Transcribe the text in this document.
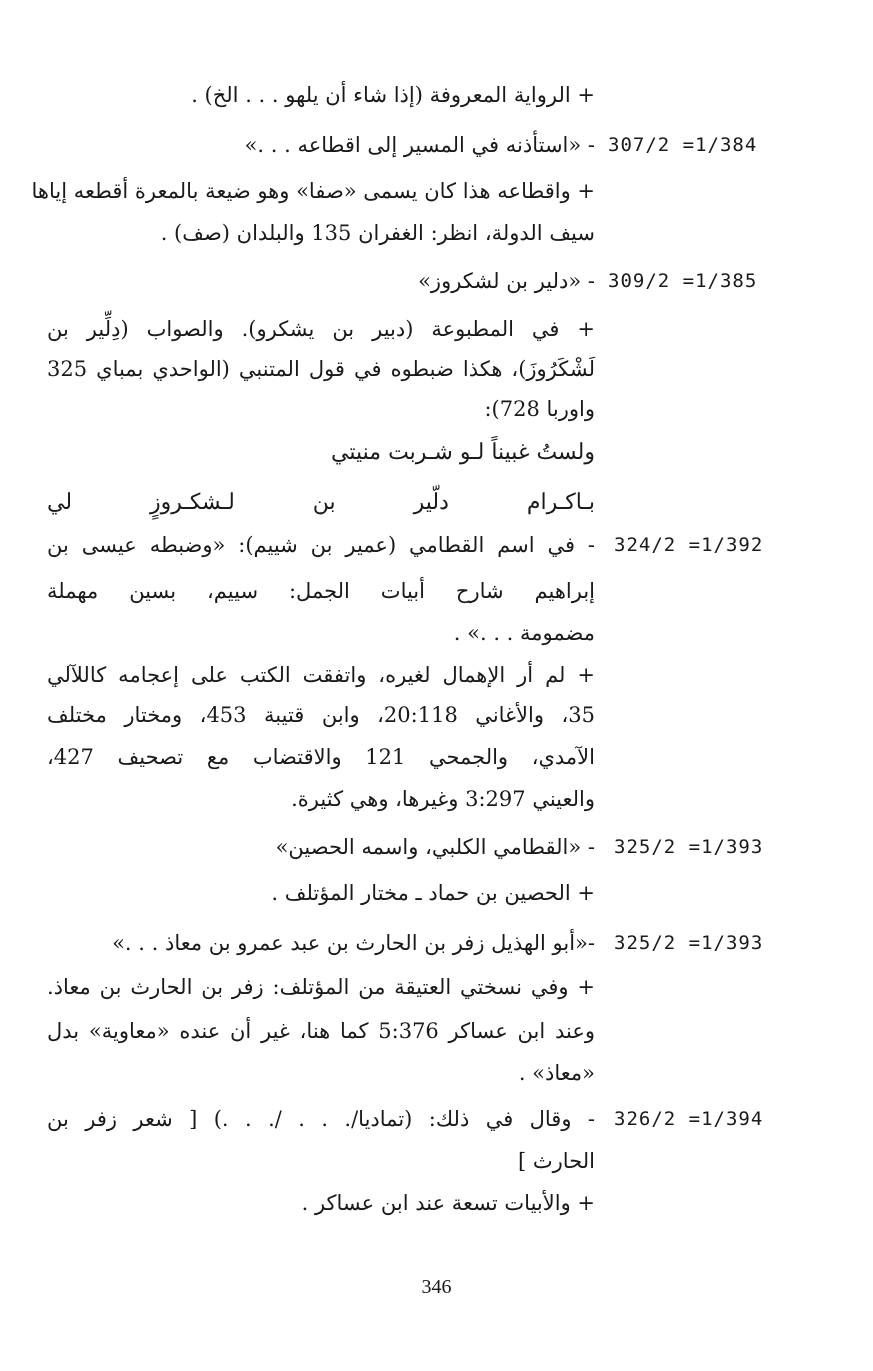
+ الرواية المعروفة (إذا شاء أن يلهو . . . الخ) .
307/2 =1/384
- «استأذنه في المسير إلى اقطاعه . . .»
+ واقطاعه هذا كان يسمى «صفا» وهو ضيعة بالمعرة أقطعه إياها
سيف الدولة، انظر: الغفران 135 والبلدان (صف) .
309/2 =1/385
- «دلير بن لشكروز»
+ في المطبوعة (دبير بن يشكرو). والصواب (دِلِّير بن
لَشْكَرُوزَ)، هكذا ضبطوه في قول المتنبي (الواحدي بمباي 325
واوربا 728):
ولستُ غبيناً لـو شـربت منيتي
بـاكـرام دلّير بن لـشكـروزٍ لي
324/2 =1/392
- في اسم القطامي (عمير بن شييم): «وضبطه عيسى بن
إبراهيم شارح أبيات الجمل: سييم، بسين مهملة
مضمومة . . .» .
+ لم أر الإهمال لغيره، واتفقت الكتب على إعجامه كاللآلي
35، والأغاني 20:118، وابن قتيبة 453، ومختار مختلف
الآمدي، والجمحي 121 والاقتضاب مع تصحيف 427،
والعيني 3:297 وغيرها، وهي كثيرة.
325/2 =1/393
- «القطامي الكلبي، واسمه الحصين»
+ الحصين بن حماد ـ مختار المؤتلف .
325/2 =1/393
-«أبو الهذيل زفر بن الحارث بن عبد عمرو بن معاذ . . .»
+ وفي نسختي العتيقة من المؤتلف: زفر بن الحارث بن معاذ.
وعند ابن عساكر 5:376 كما هنا، غير أن عنده «معاوية» بدل
«معاذ» .
326/2 =1/394
- وقال في ذلك: (تماديا/. . . /. . .) [ شعر زفر بن
الحارث ]
+ والأبيات تسعة عند ابن عساكر .
346
